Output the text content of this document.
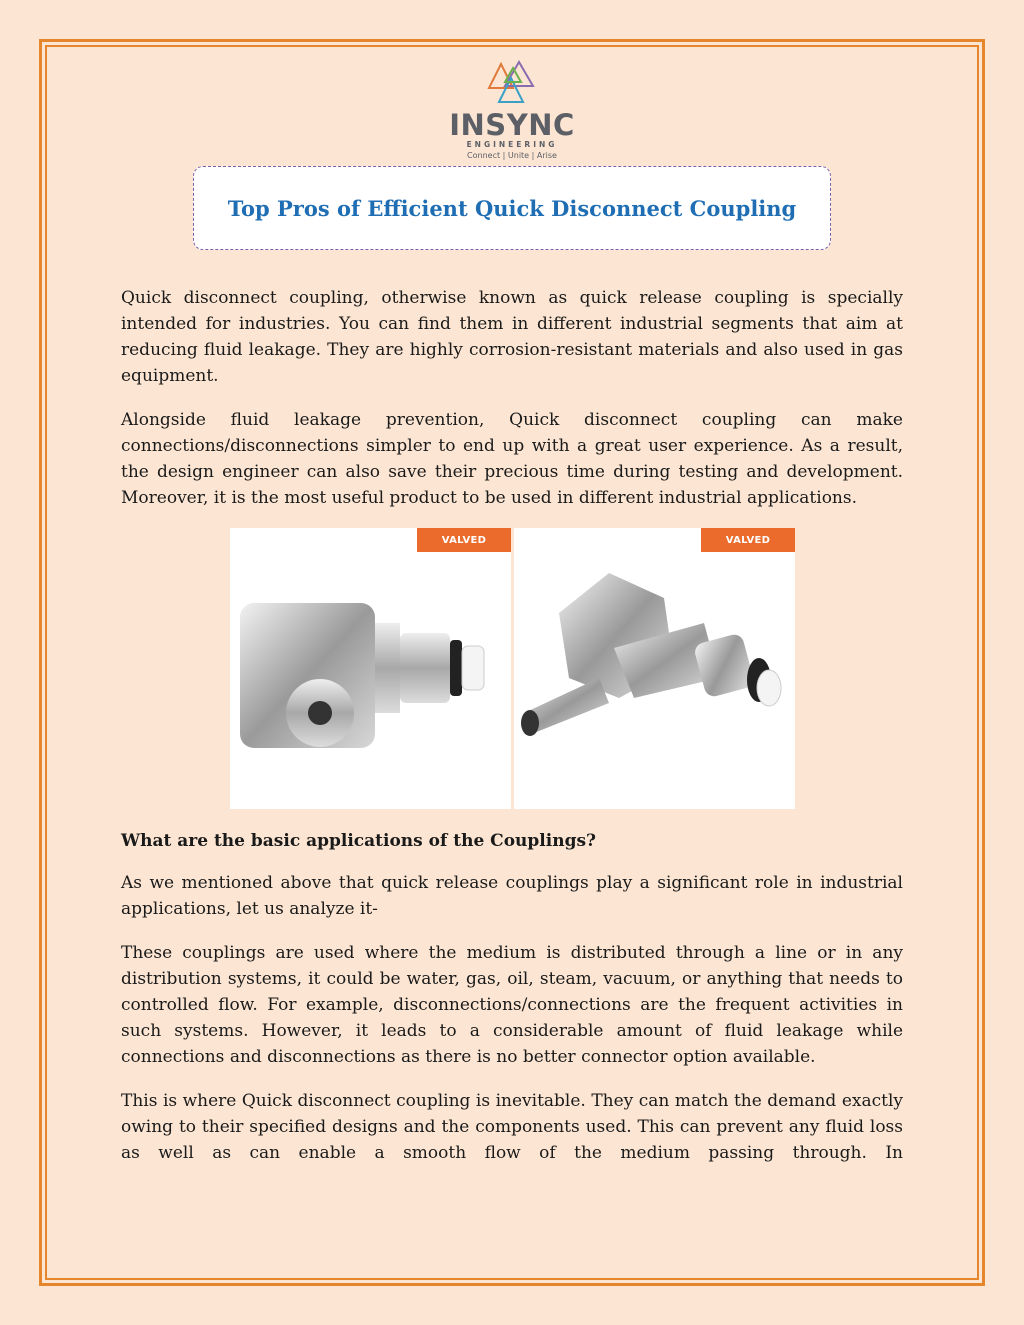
INSYNC
ENGINEERING
Connect | Unite | Arise
Top Pros of Efficient Quick Disconnect Coupling

Quick disconnect coupling, otherwise known as quick release coupling is specially intended for industries. You can find them in different industrial segments that aim at reducing fluid leakage. They are highly corrosion-resistant materials and also used in gas equipment.

Alongside fluid leakage prevention, Quick disconnect coupling can make connections/disconnections simpler to end up with a great user experience. As a result, the design engineer can also save their precious time during testing and development. Moreover, it is the most useful product to be used in different industrial applications.

VALVED	VALVED
What are the basic applications of the Couplings?

As we mentioned above that quick release couplings play a significant role in industrial applications, let us analyze it-

These couplings are used where the medium is distributed through a line or in any distribution systems, it could be water, gas, oil, steam, vacuum, or anything that needs to controlled flow. For example, disconnections/connections are the frequent activities in such systems. However, it leads to a considerable amount of fluid leakage while connections and disconnections as there is no better connector option available.

This is where Quick disconnect coupling is inevitable. They can match the demand exactly owing to their specified designs and the components used. This can prevent any fluid loss as well as can enable a smooth flow of the medium passing through. In
